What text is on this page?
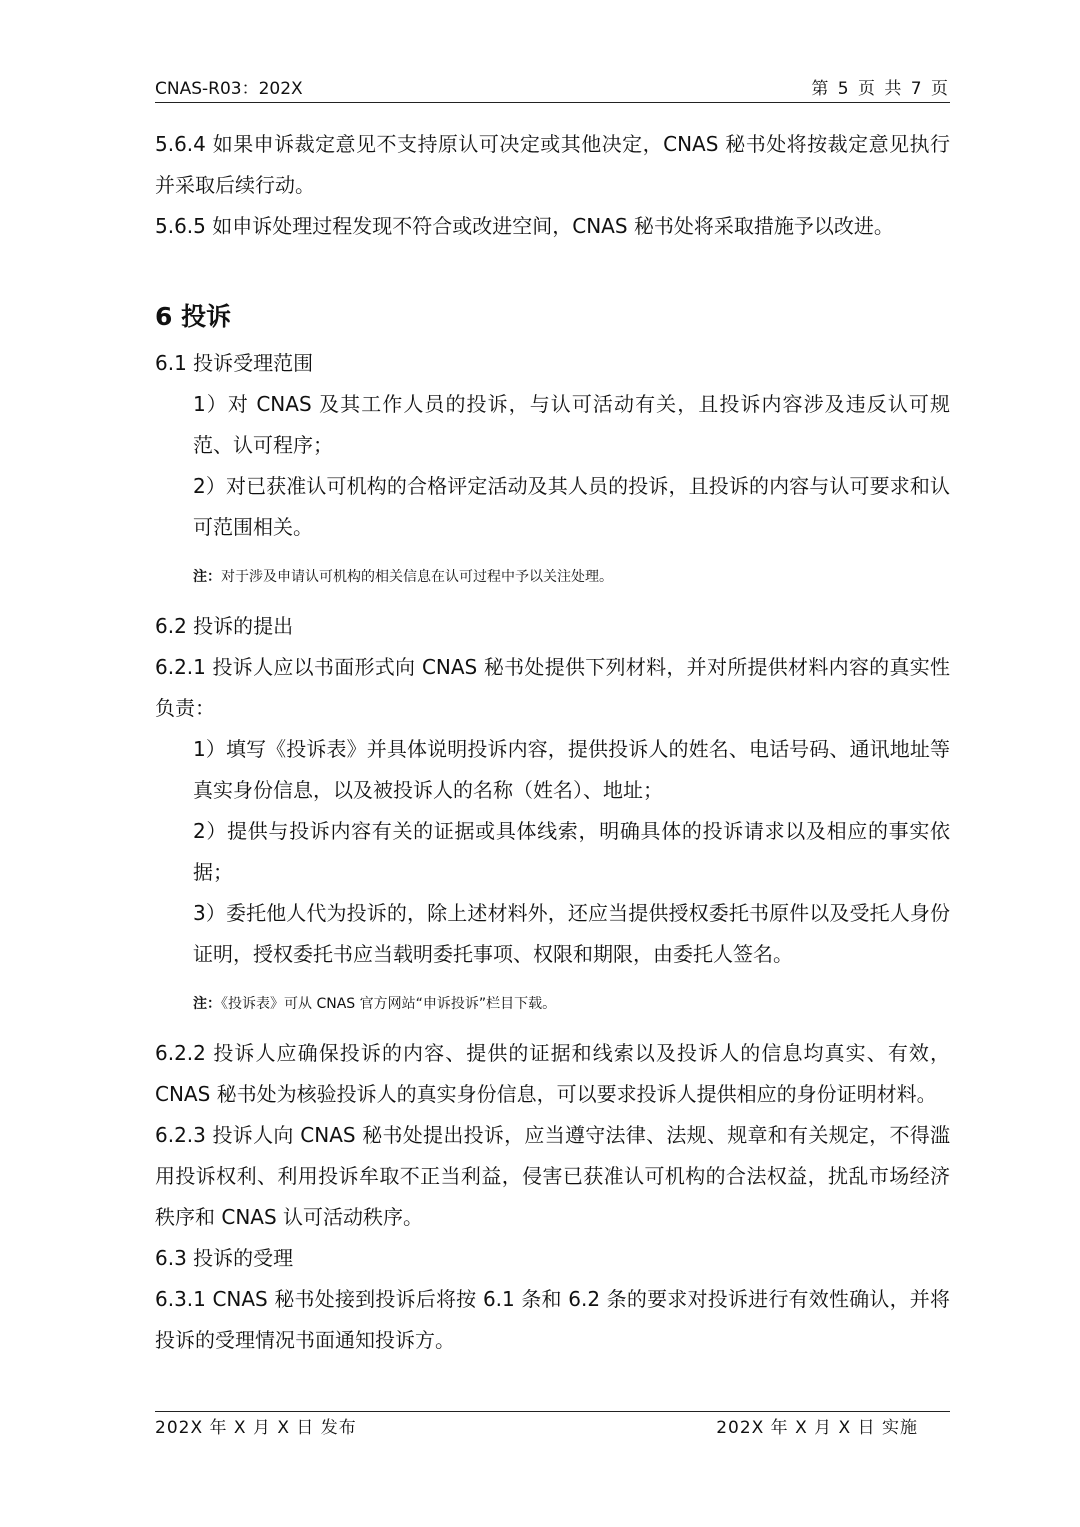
CNAS-R03：202X	第 5 页 共 7 页

5.6.4 如果申诉裁定意见不支持原认可决定或其他决定，CNAS 秘书处将按裁定意见执行并采取后续行动。

5.6.5 如申诉处理过程发现不符合或改进空间，CNAS 秘书处将采取措施予以改进。

6 投诉

6.1 投诉受理范围

1）对 CNAS 及其工作人员的投诉，与认可活动有关，且投诉内容涉及违反认可规范、认可程序；

2）对已获准认可机构的合格评定活动及其人员的投诉，且投诉的内容与认可要求和认可范围相关。

注：对于涉及申请认可机构的相关信息在认可过程中予以关注处理。

6.2 投诉的提出

6.2.1 投诉人应以书面形式向 CNAS 秘书处提供下列材料，并对所提供材料内容的真实性负责：

1）填写《投诉表》并具体说明投诉内容，提供投诉人的姓名、电话号码、通讯地址等真实身份信息，以及被投诉人的名称（姓名）、地址；

2）提供与投诉内容有关的证据或具体线索，明确具体的投诉请求以及相应的事实依据；

3）委托他人代为投诉的，除上述材料外，还应当提供授权委托书原件以及受托人身份证明，授权委托书应当载明委托事项、权限和期限，由委托人签名。

注：《投诉表》可从 CNAS 官方网站“申诉投诉”栏目下载。

6.2.2 投诉人应确保投诉的内容、提供的证据和线索以及投诉人的信息均真实、有效，CNAS 秘书处为核验投诉人的真实身份信息，可以要求投诉人提供相应的身份证明材料。

6.2.3 投诉人向 CNAS 秘书处提出投诉，应当遵守法律、法规、规章和有关规定，不得滥用投诉权利、利用投诉牟取不正当利益，侵害已获准认可机构的合法权益，扰乱市场经济秩序和 CNAS 认可活动秩序。

6.3 投诉的受理

6.3.1 CNAS 秘书处接到投诉后将按 6.1 条和 6.2 条的要求对投诉进行有效性确认，并将投诉的受理情况书面通知投诉方。

202X 年 X 月 X 日 发布	202X 年 X 月 X 日 实施
